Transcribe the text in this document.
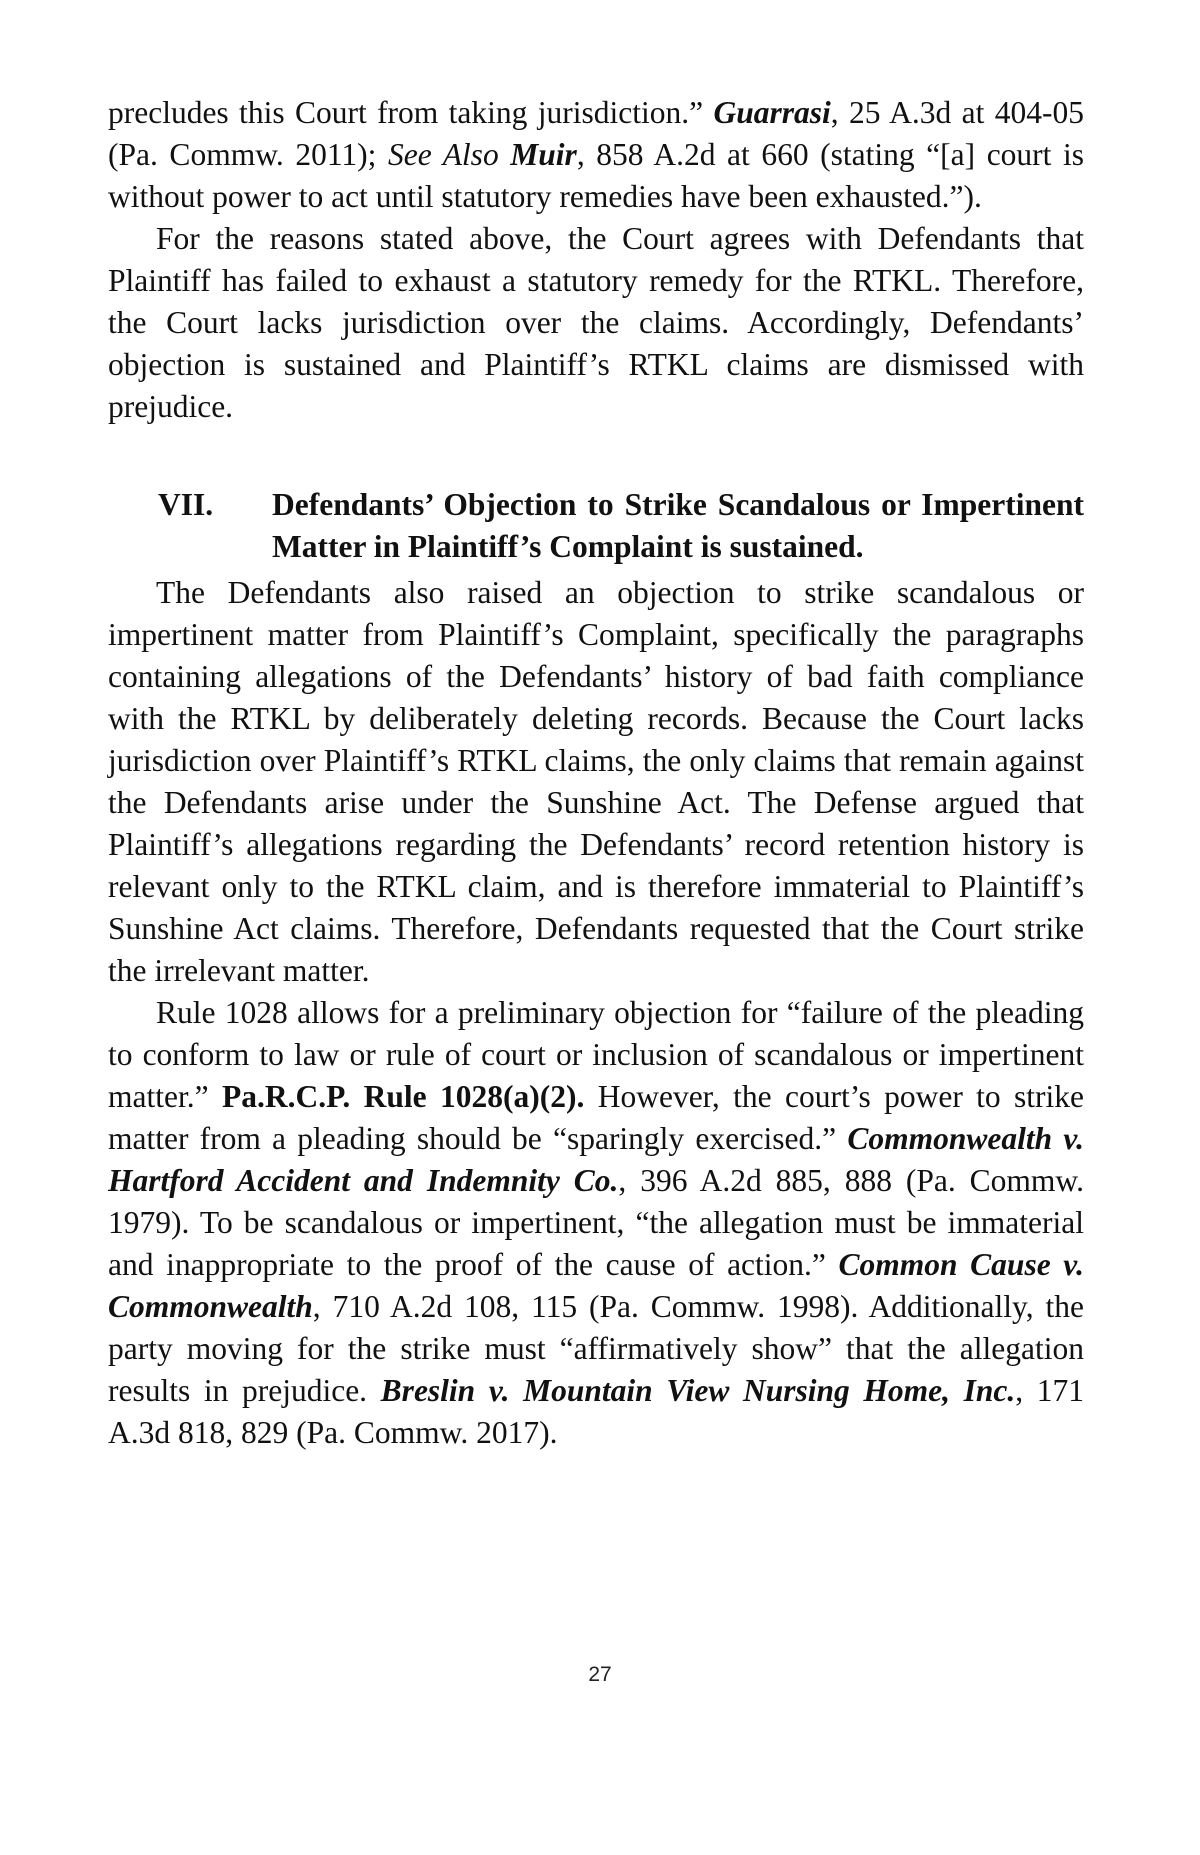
precludes this Court from taking jurisdiction.” Guarrasi, 25 A.3d at 404-05 (Pa. Commw. 2011); See Also Muir, 858 A.2d at 660 (stating “[a] court is without power to act until statutory remedies have been exhausted.”).

For the reasons stated above, the Court agrees with Defendants that Plaintiff has failed to exhaust a statutory remedy for the RTKL. Therefore, the Court lacks jurisdiction over the claims. Accordingly, Defendants’ objection is sustained and Plaintiff’s RTKL claims are dismissed with prejudice.

VII.	Defendants’ Objection to Strike Scandalous or Impertinent Matter in Plaintiff’s Complaint is sustained.

The Defendants also raised an objection to strike scandalous or impertinent matter from Plaintiff’s Complaint, specifically the paragraphs containing allegations of the Defendants’ history of bad faith compliance with the RTKL by deliberately deleting records. Because the Court lacks jurisdiction over Plaintiff’s RTKL claims, the only claims that remain against the Defendants arise under the Sunshine Act. The Defense argued that Plaintiff’s allegations regarding the Defendants’ record retention history is relevant only to the RTKL claim, and is therefore immaterial to Plaintiff’s Sunshine Act claims. Therefore, Defendants requested that the Court strike the irrelevant matter.

Rule 1028 allows for a preliminary objection for “failure of the pleading to conform to law or rule of court or inclusion of scandalous or impertinent matter.” Pa.R.C.P. Rule 1028(a)(2). However, the court’s power to strike matter from a pleading should be “sparingly exercised.” Commonwealth v. Hartford Accident and Indemnity Co., 396 A.2d 885, 888 (Pa. Commw. 1979). To be scandalous or impertinent, “the allegation must be immaterial and inappropriate to the proof of the cause of action.” Common Cause v. Commonwealth, 710 A.2d 108, 115 (Pa. Commw. 1998). Additionally, the party moving for the strike must “affirmatively show” that the allegation results in prejudice. Breslin v. Mountain View Nursing Home, Inc., 171 A.3d 818, 829 (Pa. Commw. 2017).

27
